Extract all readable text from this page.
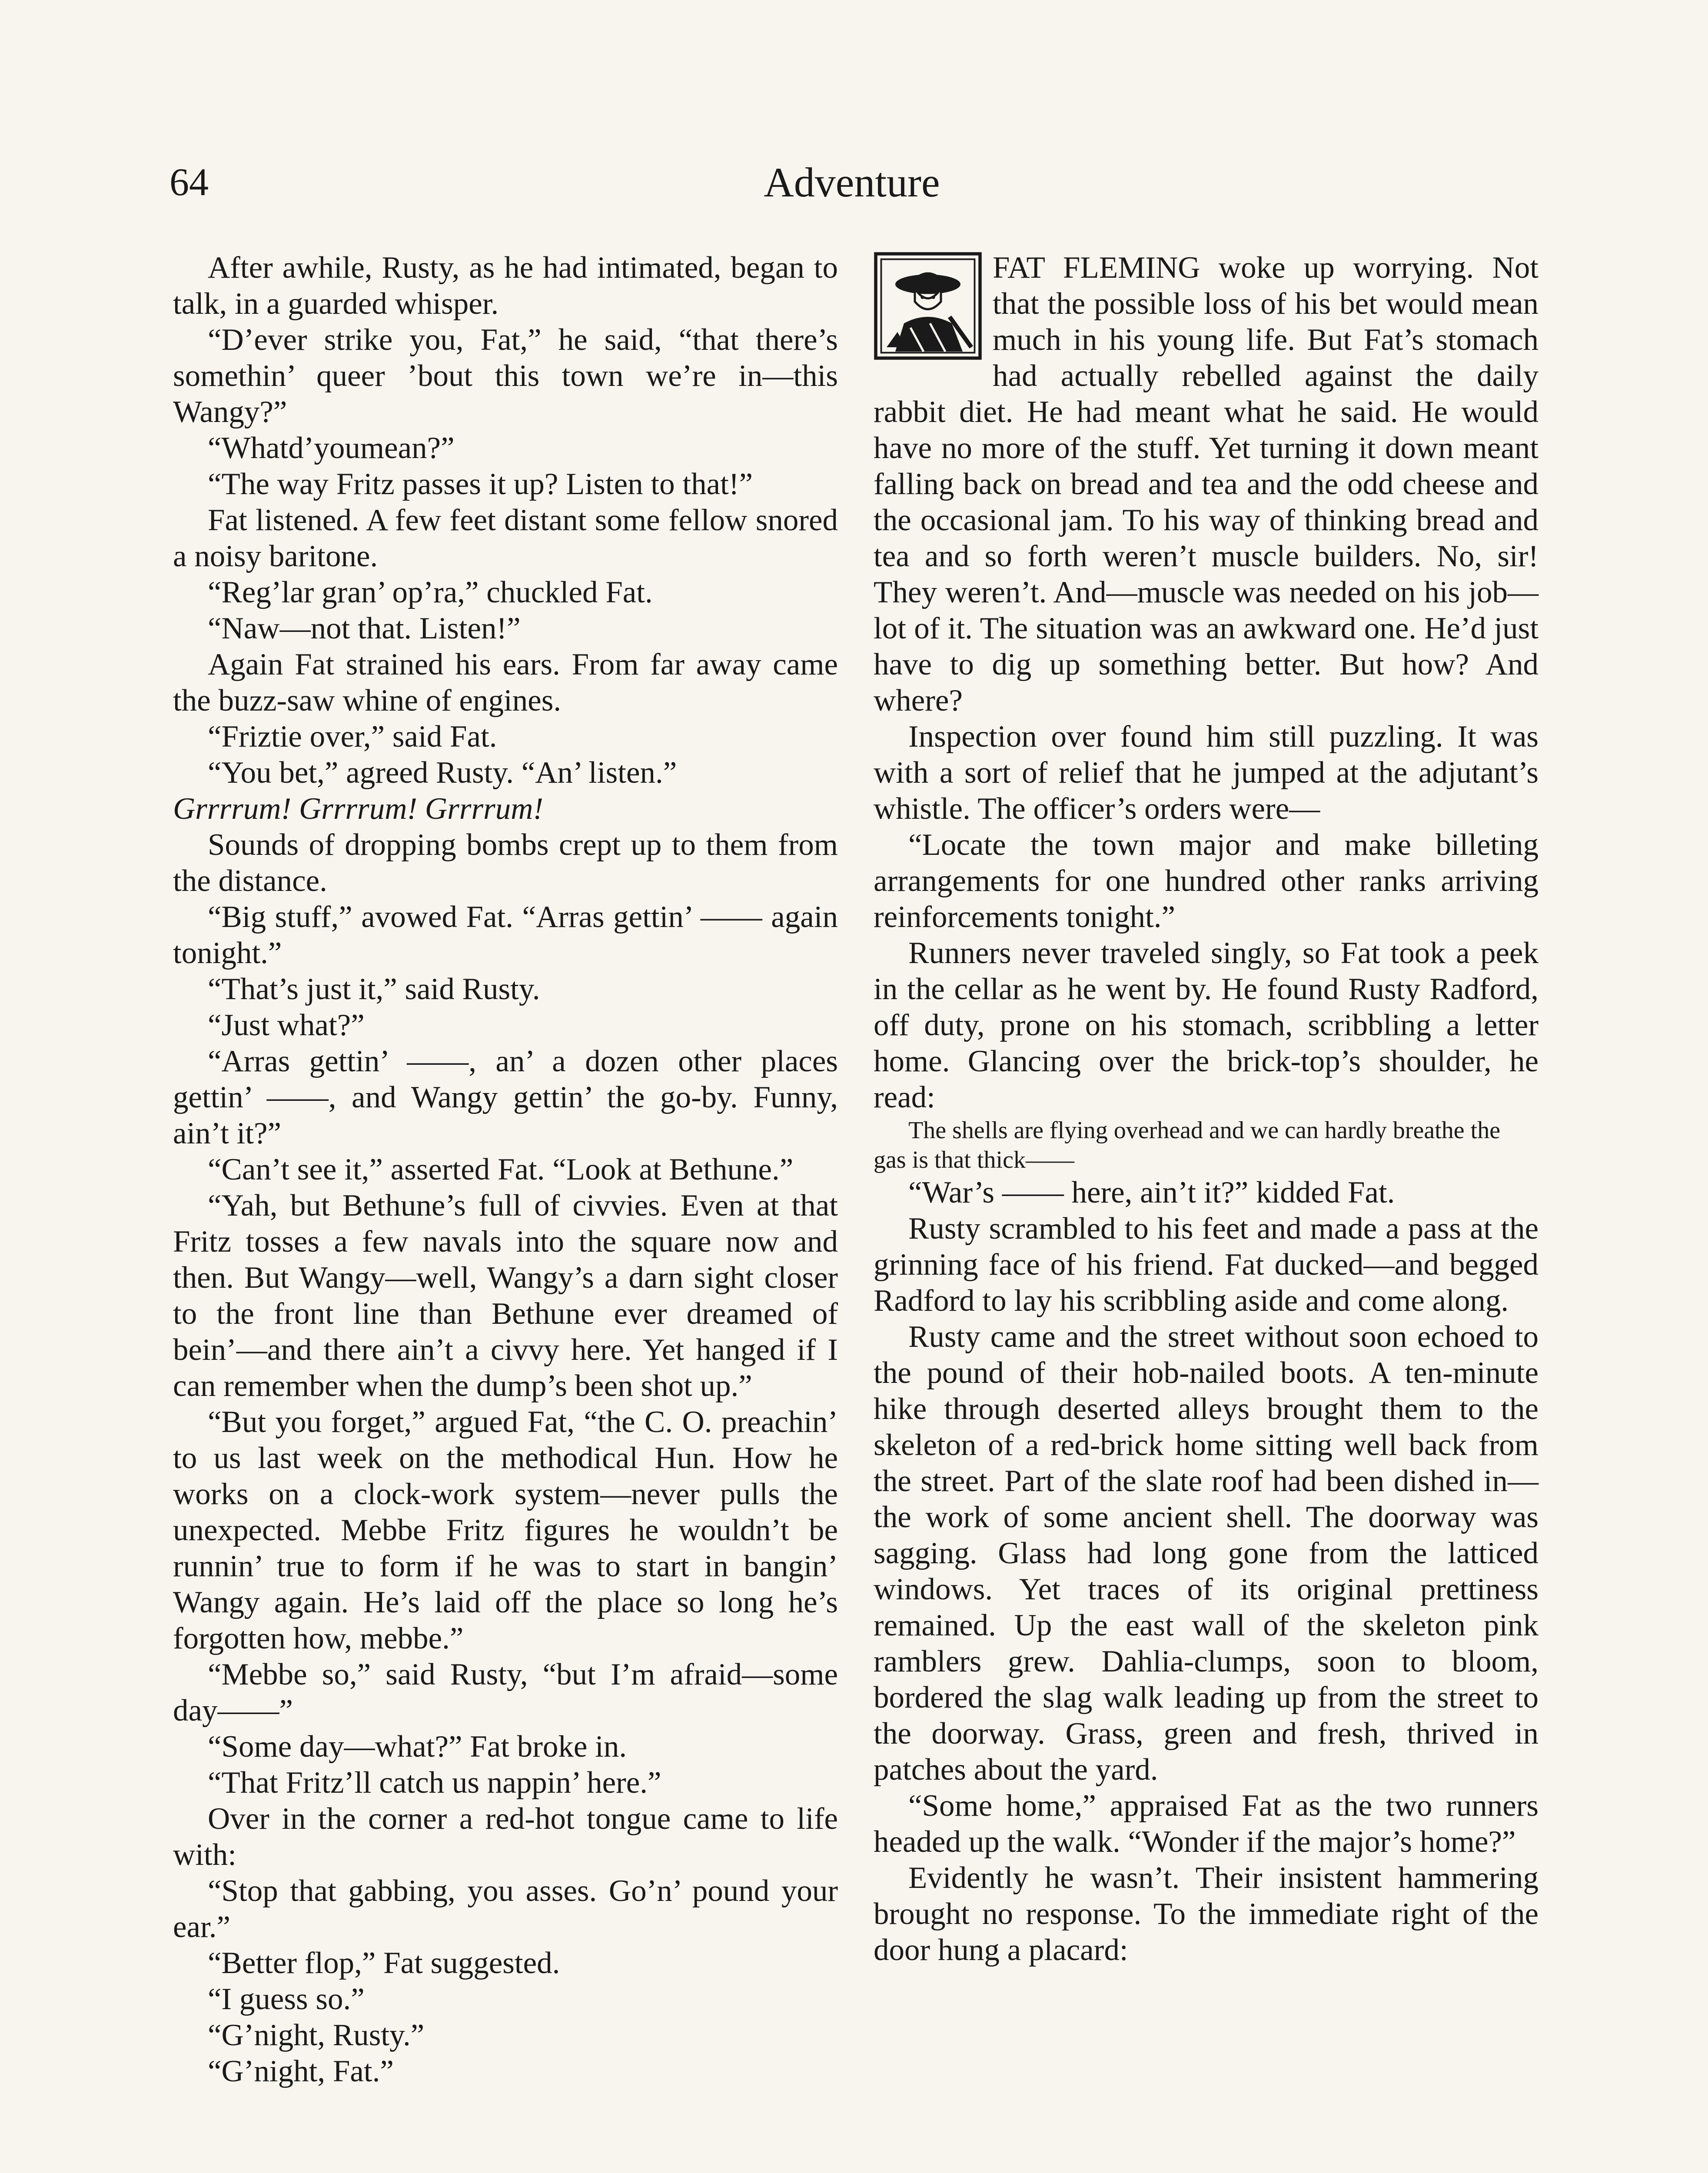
64	Adventure

After awhile, Rusty, as he had intimated, began to talk, in a guarded whisper.

“D’ever strike you, Fat,” he said, “that there’s somethin’ queer ’bout this town we’re in—this Wangy?”

“Whatd’youmean?”

“The way Fritz passes it up? Listen to that!”

Fat listened. A few feet distant some fellow snored a noisy baritone.

“Reg’lar gran’ op’ra,” chuckled Fat.

“Naw—not that. Listen!”

Again Fat strained his ears. From far away came the buzz-saw whine of engines.

“Friztie over,” said Fat.

“You bet,” agreed Rusty. “An’ listen.”

Grrrrum! Grrrrum! Grrrrum!

Sounds of dropping bombs crept up to them from the distance.

“Big stuff,” avowed Fat. “Arras gettin’ —— again tonight.”

“That’s just it,” said Rusty.

“Just what?”

“Arras gettin’ ——, an’ a dozen other places gettin’ ——, and Wangy gettin’ the go-by. Funny, ain’t it?”

“Can’t see it,” asserted Fat. “Look at Bethune.”

“Yah, but Bethune’s full of civvies. Even at that Fritz tosses a few navals into the square now and then. But Wangy—well, Wangy’s a darn sight closer to the front line than Bethune ever dreamed of bein’—and there ain’t a civvy here. Yet hanged if I can remember when the dump’s been shot up.”

“But you forget,” argued Fat, “the C. O. preachin’ to us last week on the methodical Hun. How he works on a clock-work system—never pulls the unexpected. Mebbe Fritz figures he wouldn’t be runnin’ true to form if he was to start in bangin’ Wangy again. He’s laid off the place so long he’s forgotten how, mebbe.”

“Mebbe so,” said Rusty, “but I’m afraid—some day——”

“Some day—what?” Fat broke in.

“That Fritz’ll catch us nappin’ here.”

Over in the corner a red-hot tongue came to life with:

“Stop that gabbing, you asses. Go’n’ pound your ear.”

“Better flop,” Fat suggested.

“I guess so.”

“G’night, Rusty.”

“G’night, Fat.”

FAT FLEMING woke up worrying. Not that the possible loss of his bet would mean much in his young life. But Fat’s stomach had actually rebelled against the daily rabbit diet. He had meant what he said. He would have no more of the stuff. Yet turning it down meant falling back on bread and tea and the odd cheese and the occasional jam. To his way of thinking bread and tea and so forth weren’t muscle builders. No, sir! They weren’t. And—muscle was needed on his job—lot of it. The situation was an awkward one. He’d just have to dig up something better. But how? And where?

Inspection over found him still puzzling. It was with a sort of relief that he jumped at the adjutant’s whistle. The officer’s orders were—

“Locate the town major and make billeting arrangements for one hundred other ranks arriving reinforcements tonight.”

Runners never traveled singly, so Fat took a peek in the cellar as he went by. He found Rusty Radford, off duty, prone on his stomach, scribbling a letter home. Glancing over the brick-top’s shoulder, he read:

The shells are flying overhead and we can hardly breathe the gas is that thick——

“War’s —— here, ain’t it?” kidded Fat.

Rusty scrambled to his feet and made a pass at the grinning face of his friend. Fat ducked—and begged Radford to lay his scribbling aside and come along.

Rusty came and the street without soon echoed to the pound of their hob-nailed boots. A ten-minute hike through deserted alleys brought them to the skeleton of a red-brick home sitting well back from the street. Part of the slate roof had been dished in—the work of some ancient shell. The doorway was sagging. Glass had long gone from the latticed windows. Yet traces of its original prettiness remained. Up the east wall of the skeleton pink ramblers grew. Dahlia-clumps, soon to bloom, bordered the slag walk leading up from the street to the doorway. Grass, green and fresh, thrived in patches about the yard.

“Some home,” appraised Fat as the two runners headed up the walk. “Wonder if the major’s home?”

Evidently he wasn’t. Their insistent hammering brought no response. To the immediate right of the door hung a placard:
